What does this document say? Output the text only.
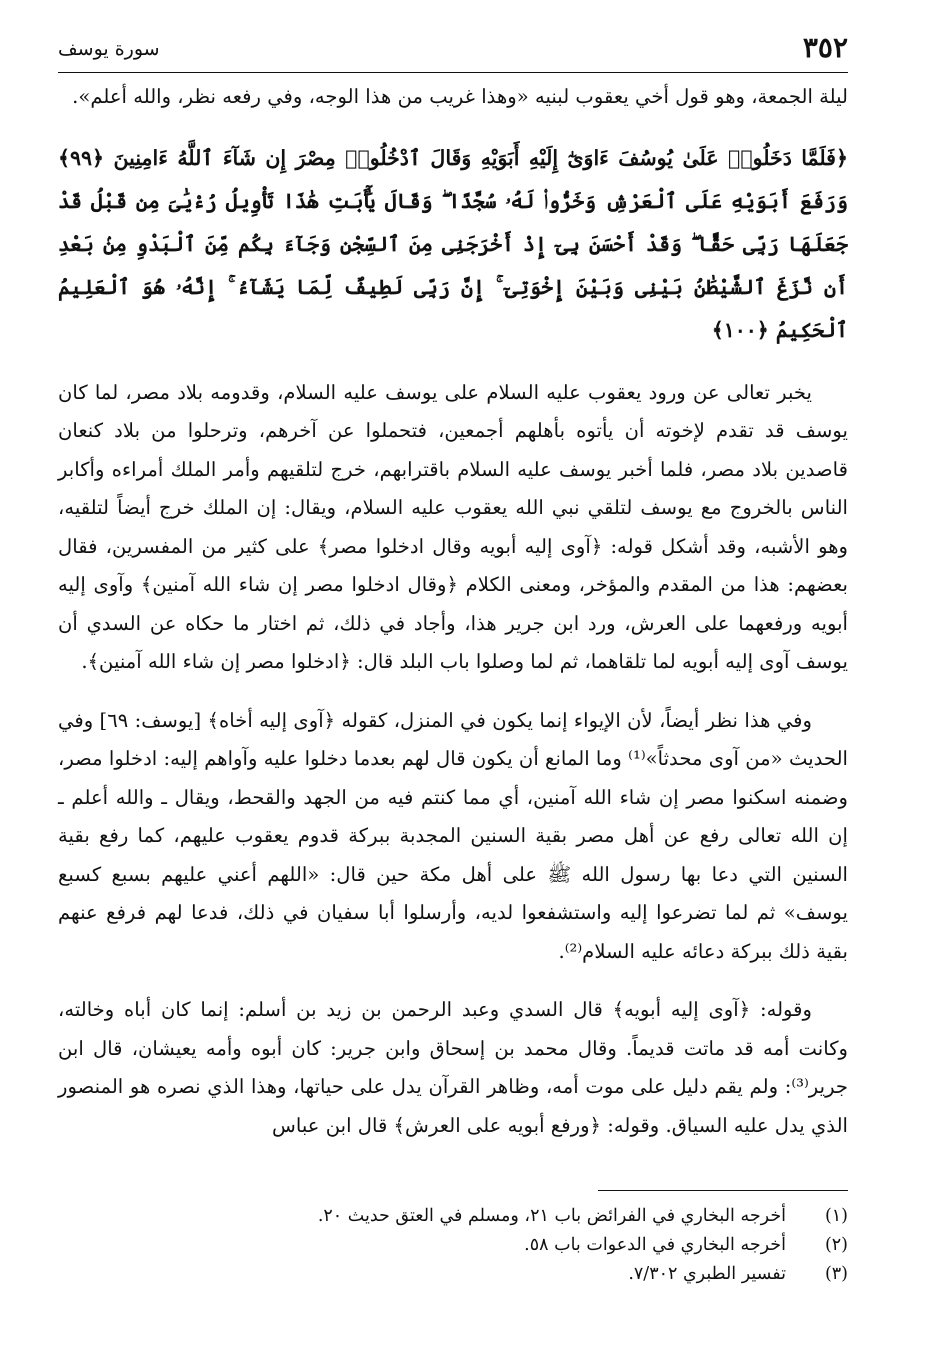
٣٥٢
سورة يوسف

ليلة الجمعة، وهو قول أخي يعقوب لبنيه «وهذا غريب من هذا الوجه، وفي رفعه نظر، والله أعلم».

﴿فَلَمَّا دَخَلُوا۟ عَلَىٰ يُوسُفَ ءَاوَىٰٓ إِلَيْهِ أَبَوَيْهِ وَقَالَ ٱدْخُلُوا۟ مِصْرَ إِن شَآءَ ٱللَّهُ ءَامِنِينَ ﴿٩٩﴾ وَرَفَعَ أَبَوَيْهِ عَلَى ٱلْعَرْشِ وَخَرُّوا۟ لَهُۥ سُجَّدًا ۖ وَقَالَ يَٰٓأَبَتِ هَٰذَا تَأْوِيلُ رُءْيَٰىَ مِن قَبْلُ قَدْ جَعَلَهَا رَبِّى حَقًّا ۖ وَقَدْ أَحْسَنَ بِىٓ إِذْ أَخْرَجَنِى مِنَ ٱلسِّجْنِ وَجَآءَ بِكُم مِّنَ ٱلْبَدْوِ مِنۢ بَعْدِ أَن نَّزَغَ ٱلشَّيْطَٰنُ بَيْنِى وَبَيْنَ إِخْوَتِىٓ ۚ إِنَّ رَبِّى لَطِيفٌ لِّمَا يَشَآءُ ۚ إِنَّهُۥ هُوَ ٱلْعَلِيمُ ٱلْحَكِيمُ ﴿١٠٠﴾

يخبر تعالى عن ورود يعقوب عليه السلام على يوسف عليه السلام، وقدومه بلاد مصر، لما كان يوسف قد تقدم لإخوته أن يأتوه بأهلهم أجمعين، فتحملوا عن آخرهم، وترحلوا من بلاد كنعان قاصدين بلاد مصر، فلما أخبر يوسف عليه السلام باقترابهم، خرج لتلقيهم وأمر الملك أمراءه وأكابر الناس بالخروج مع يوسف لتلقي نبي الله يعقوب عليه السلام، ويقال: إن الملك خرج أيضاً لتلقيه، وهو الأشبه، وقد أشكل قوله: ﴿آوى إليه أبويه وقال ادخلوا مصر﴾ على كثير من المفسرين، فقال بعضهم: هذا من المقدم والمؤخر، ومعنى الكلام ﴿وقال ادخلوا مصر إن شاء الله آمنين﴾ وآوى إليه أبويه ورفعهما على العرش، ورد ابن جرير هذا، وأجاد في ذلك، ثم اختار ما حكاه عن السدي أن يوسف آوى إليه أبويه لما تلقاهما، ثم لما وصلوا باب البلد قال: ﴿ادخلوا مصر إن شاء الله آمنين﴾.

وفي هذا نظر أيضاً، لأن الإيواء إنما يكون في المنزل، كقوله ﴿آوى إليه أخاه﴾ [يوسف: ٦٩] وفي الحديث «من آوى محدثاً»⁽¹⁾ وما المانع أن يكون قال لهم بعدما دخلوا عليه وآواهم إليه: ادخلوا مصر، وضمنه اسكنوا مصر إن شاء الله آمنين، أي مما كنتم فيه من الجهد والقحط، ويقال ـ والله أعلم ـ إن الله تعالى رفع عن أهل مصر بقية السنين المجدبة ببركة قدوم يعقوب عليهم، كما رفع بقية السنين التي دعا بها رسول الله ﷺ على أهل مكة حين قال: «اللهم أعني عليهم بسبع كسبع يوسف» ثم لما تضرعوا إليه واستشفعوا لديه، وأرسلوا أبا سفيان في ذلك، فدعا لهم فرفع عنهم بقية ذلك ببركة دعائه عليه السلام⁽²⁾.

وقوله: ﴿آوى إليه أبويه﴾ قال السدي وعبد الرحمن بن زيد بن أسلم: إنما كان أباه وخالته، وكانت أمه قد ماتت قديماً. وقال محمد بن إسحاق وابن جرير: كان أبوه وأمه يعيشان، قال ابن جرير⁽³⁾: ولم يقم دليل على موت أمه، وظاهر القرآن يدل على حياتها، وهذا الذي نصره هو المنصور الذي يدل عليه السياق. وقوله: ﴿ورفع أبويه على العرش﴾ قال ابن عباس

(١)
أخرجه البخاري في الفرائض باب ٢١، ومسلم في العتق حديث ٢٠.
(٢)
أخرجه البخاري في الدعوات باب ٥٨.
(٣)
تفسير الطبري ٧/٣٠٢.
